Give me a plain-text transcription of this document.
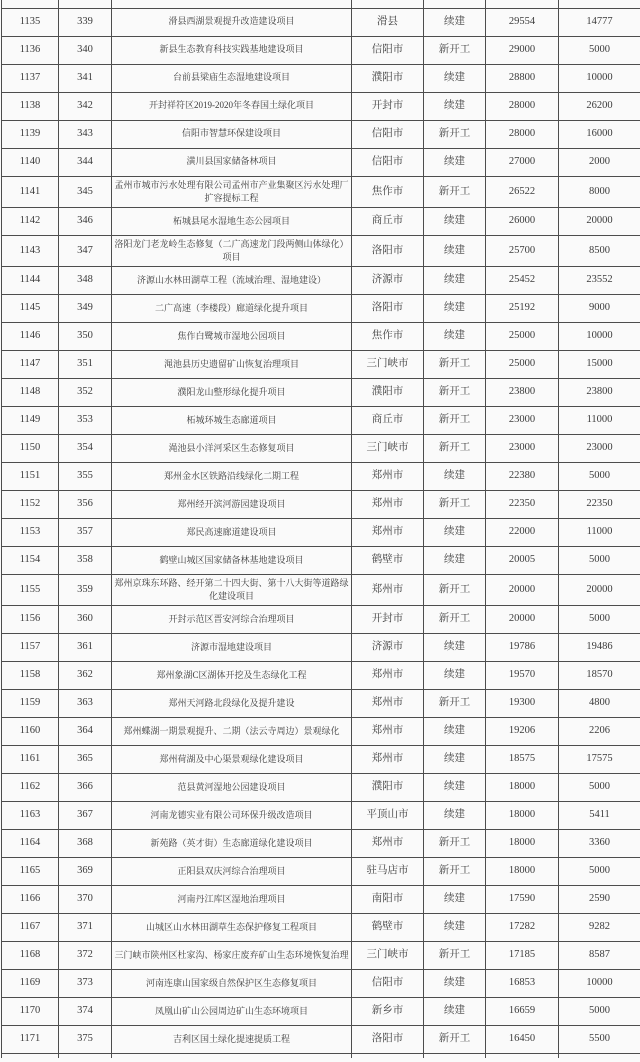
1135	339	滑县西湖景观提升改造建设项目	滑县	续建	29554	14777
1136	340	新县生态教育科技实践基地建设项目	信阳市	新开工	29000	5000
1137	341	台前县梁庙生态湿地建设项目	濮阳市	续建	28800	10000
1138	342	开封祥符区2019-2020年冬春国土绿化项目	开封市	续建	28000	26200
1139	343	信阳市智慧环保建设项目	信阳市	新开工	28000	16000
1140	344	潢川县国家储备林项目	信阳市	续建	27000	2000
1141	345	孟州市城市污水处理有限公司孟州市产业集聚区污水处理厂扩容提标工程	焦作市	新开工	26522	8000
1142	346	柘城县尾水湿地生态公园项目	商丘市	续建	26000	20000
1143	347	洛阳龙门老龙岭生态修复（二广高速龙门段两侧山体绿化）项目	洛阳市	续建	25700	8500
1144	348	济源山水林田湖草工程（流域治理、湿地建设）	济源市	续建	25452	23552
1145	349	二广高速（李楼段）廊道绿化提升项目	洛阳市	续建	25192	9000
1146	350	焦作白鹭城市湿地公园项目	焦作市	续建	25000	10000
1147	351	渑池县历史遗留矿山恢复治理项目	三门峡市	新开工	25000	15000
1148	352	濮阳龙山整形绿化提升项目	濮阳市	新开工	23800	23800
1149	353	柘城环城生态廊道项目	商丘市	新开工	23000	11000
1150	354	渑池县小洋河采区生态修复项目	三门峡市	新开工	23000	23000
1151	355	郑州金水区铁路沿线绿化二期工程	郑州市	续建	22380	5000
1152	356	郑州经开滨河游园建设项目	郑州市	新开工	22350	22350
1153	357	郑民高速廊道建设项目	郑州市	续建	22000	11000
1154	358	鹤壁山城区国家储备林基地建设项目	鹤壁市	续建	20005	5000
1155	359	郑州京珠东环路、经开第二十四大街、第十八大街等道路绿化建设项目	郑州市	新开工	20000	20000
1156	360	开封示范区晋安河综合治理项目	开封市	新开工	20000	5000
1157	361	济源市湿地建设项目	济源市	续建	19786	19486
1158	362	郑州象湖C区湖体开挖及生态绿化工程	郑州市	续建	19570	18570
1159	363	郑州天河路北段绿化及提升建设	郑州市	新开工	19300	4800
1160	364	郑州蝶湖一期景观提升、二期（法云寺周边）景观绿化	郑州市	续建	19206	2206
1161	365	郑州荷湖及中心渠景观绿化建设项目	郑州市	续建	18575	17575
1162	366	范县黄河湿地公园建设项目	濮阳市	续建	18000	5000
1163	367	河南龙德实业有限公司环保升级改造项目	平顶山市	续建	18000	5411
1164	368	新苑路（英才街）生态廊道绿化建设项目	郑州市	新开工	18000	3360
1165	369	正阳县双庆河综合治理项目	驻马店市	新开工	18000	5000
1166	370	河南丹江库区湿地治理项目	南阳市	续建	17590	2590
1167	371	山城区山水林田湖草生态保护修复工程项目	鹤壁市	续建	17282	9282
1168	372	三门峡市陕州区杜家沟、杨家庄废弃矿山生态环境恢复治理	三门峡市	新开工	17185	8587
1169	373	河南连康山国家级自然保护区生态修复项目	信阳市	续建	16853	10000
1170	374	凤凰山矿山公园周边矿山生态环境项目	新乡市	续建	16659	5000
1171	375	吉利区国土绿化提速提质工程	洛阳市	新开工	16450	5500
